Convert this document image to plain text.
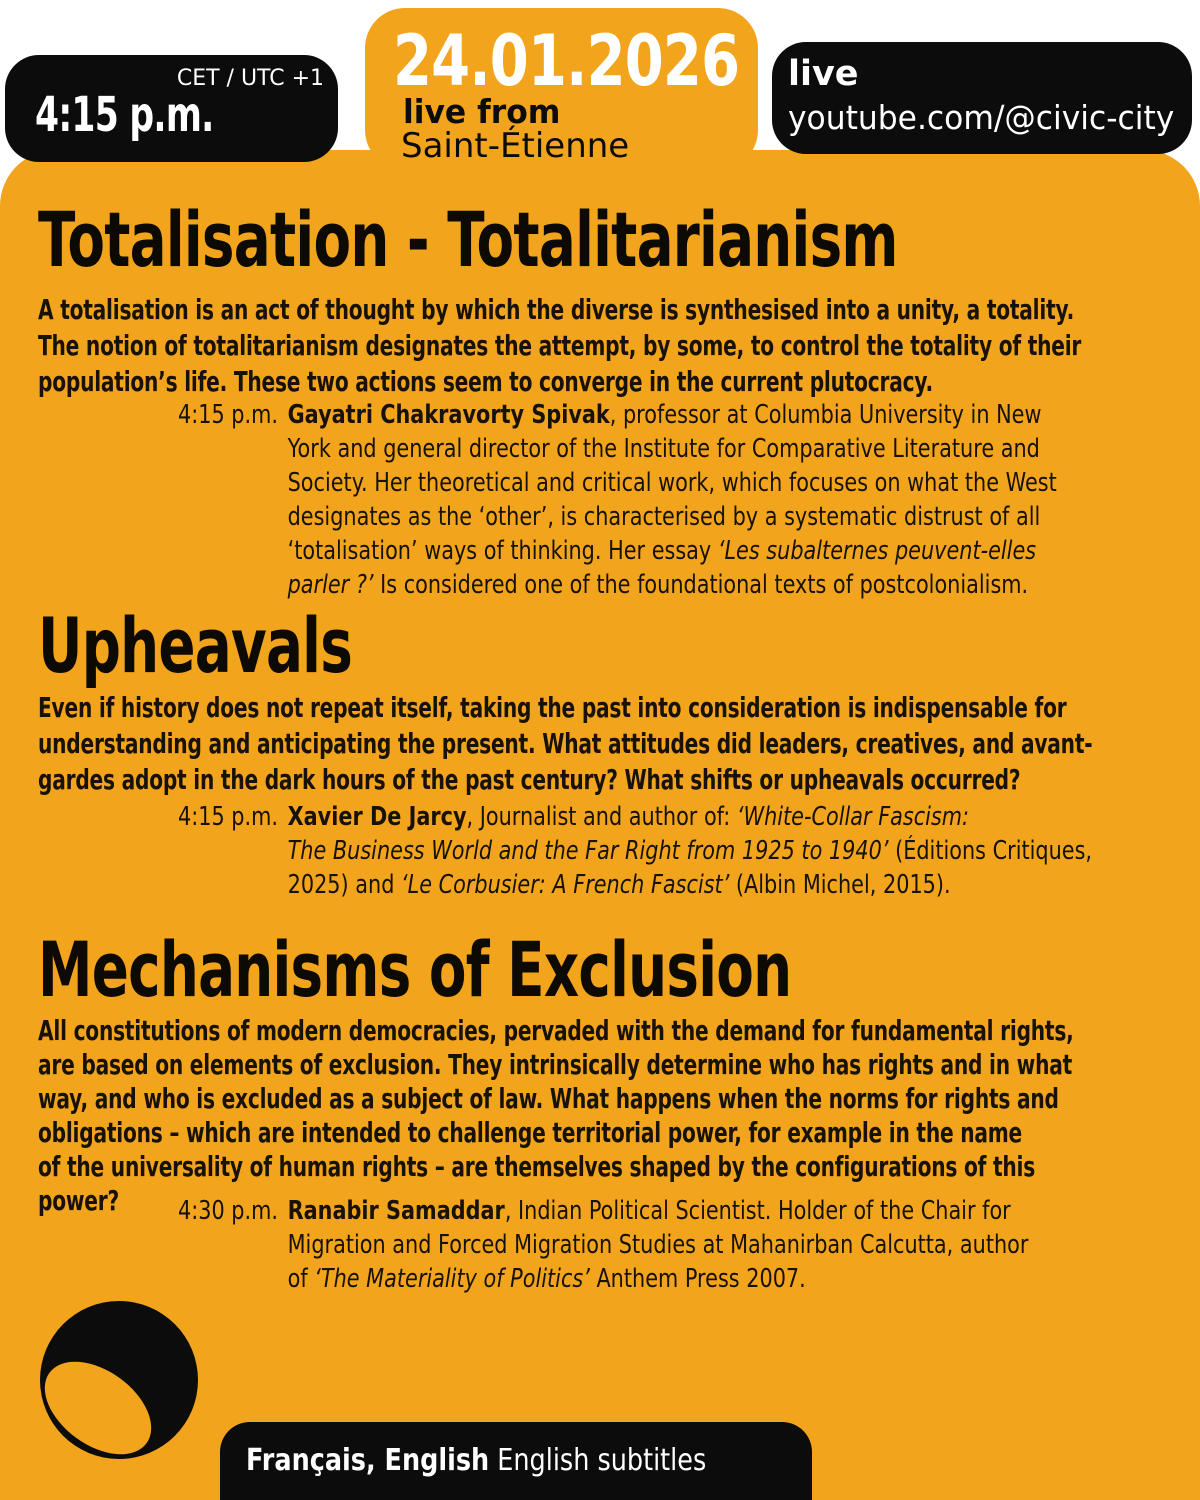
CET / UTC +1
4:15 p.m.
24.01.2026
live from
Saint-Étienne
live
youtube.com/@civic-city
Totalisation - Totalitarianism
A totalisation is an act of thought by which the diverse is synthesised into a unity, a totality.
The notion of totalitarianism designates the attempt, by some, to control the totality of their
population’s life. These two actions seem to converge in the current plutocracy.
4:15 p.m. Gayatri Chakravorty Spivak, professor at Columbia University in New
York and general director of the Institute for Comparative Literature and
Society. Her theoretical and critical work, which focuses on what the West
designates as the ‘other’, is characterised by a systematic distrust of all
‘totalisation’ ways of thinking. Her essay ‘Les subalternes peuvent-elles
parler ?’ Is considered one of the foundational texts of postcolonialism.
Upheavals
Even if history does not repeat itself, taking the past into consideration is indispensable for
understanding and anticipating the present. What attitudes did leaders, creatives, and avant-
gardes adopt in the dark hours of the past century? What shifts or upheavals occurred?
4:15 p.m. Xavier De Jarcy, Journalist and author of: ‘White-Collar Fascism:
The Business World and the Far Right from 1925 to 1940’ (Éditions Critiques,
2025) and ‘Le Corbusier: A French Fascist’ (Albin Michel, 2015).
Mechanisms of Exclusion
All constitutions of modern democracies, pervaded with the demand for fundamental rights,
are based on elements of exclusion. They intrinsically determine who has rights and in what
way, and who is excluded as a subject of law. What happens when the norms for rights and
obligations – which are intended to challenge territorial power, for example in the name
of the universality of human rights – are themselves shaped by the configurations of this
power?	4:30 p.m. Ranabir Samaddar, Indian Political Scientist. Holder of the Chair for
Migration and Forced Migration Studies at Mahanirban Calcutta, author
of ‘The Materiality of Politics’ Anthem Press 2007.
Français, English English subtitles
